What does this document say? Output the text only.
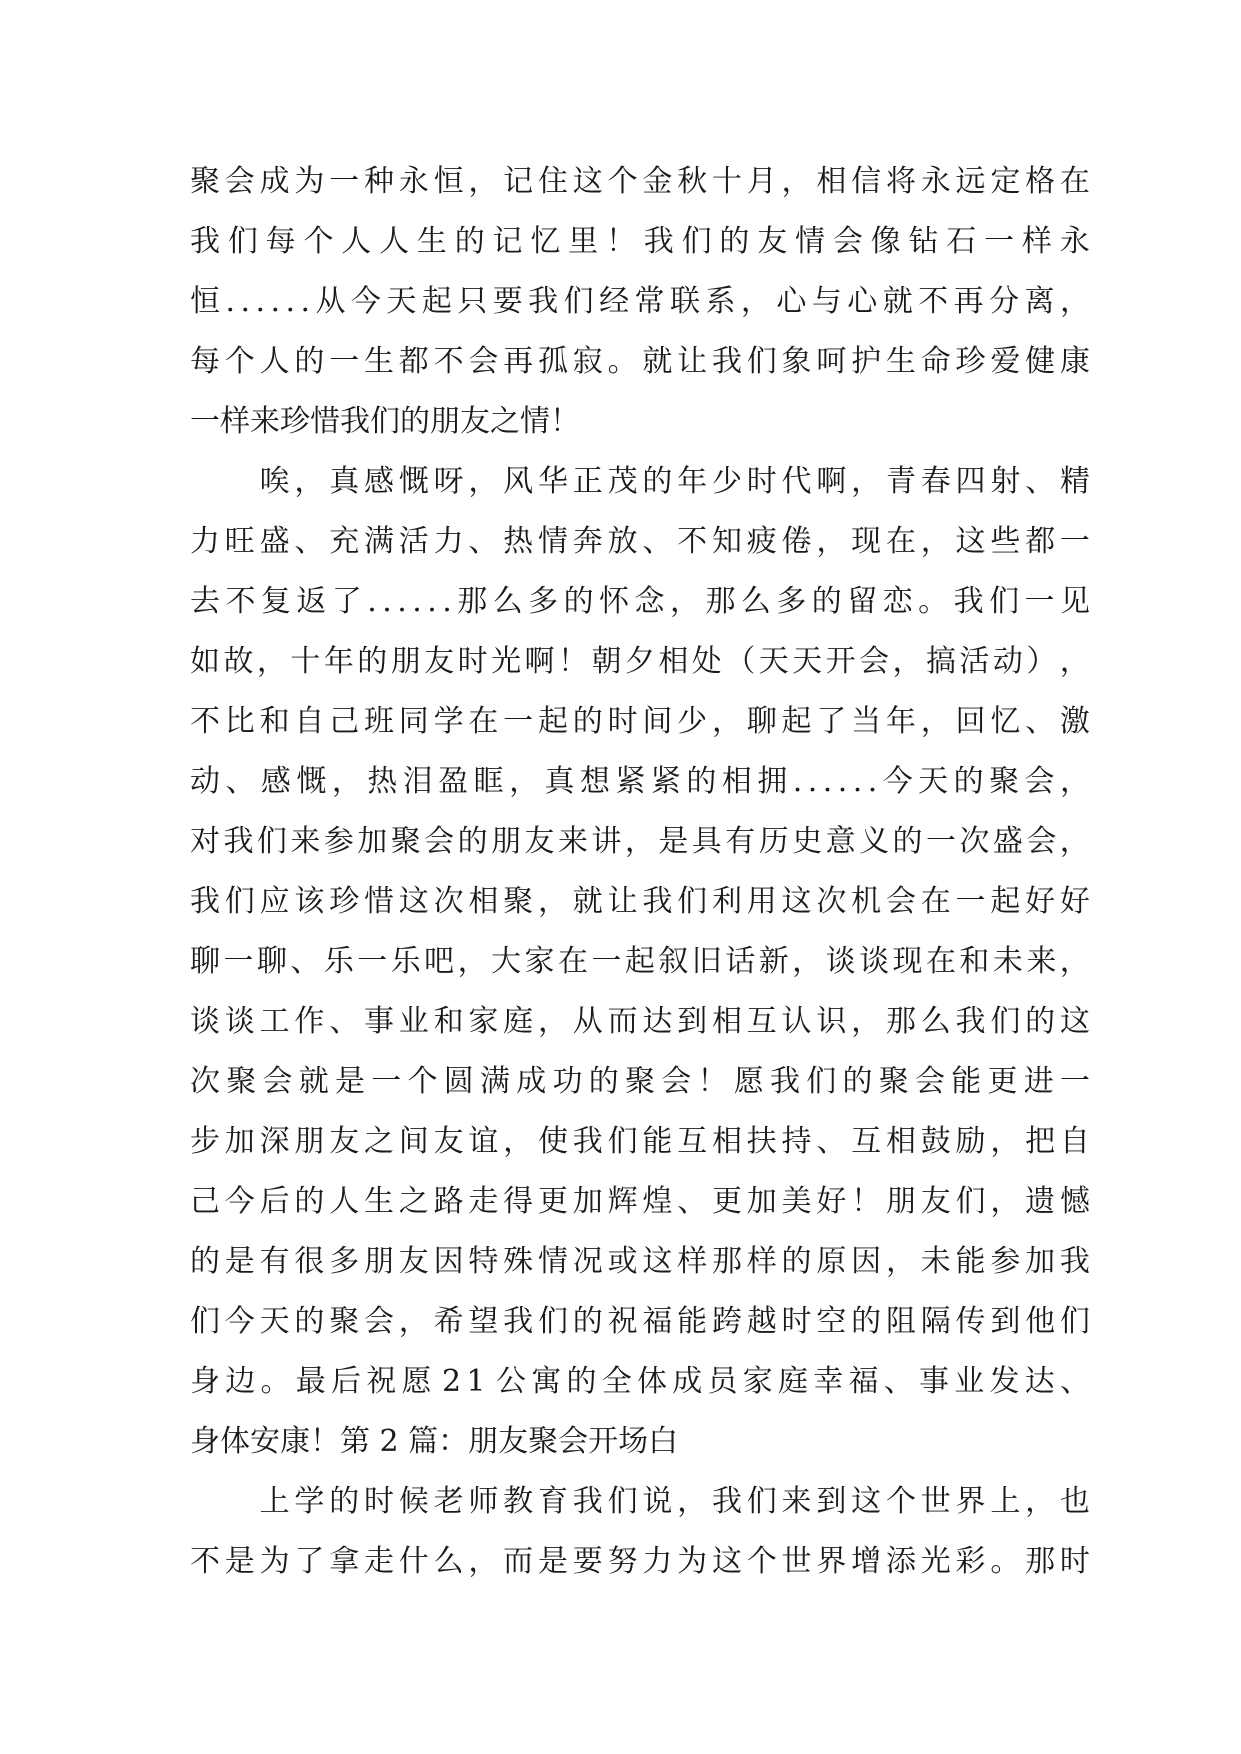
聚 会 成 为 一 种 永 恒 ， 记 住 这 个 金 秋 十 月 ， 相 信 将 永 远 定 格 在
我 们 每 个 人 人 生 的 记 忆 里 ！ 我 们 的 友 情 会 像 钻 石 一 样 永
恒 . . . . . . 从 今 天 起 只 要 我 们 经 常 联 系 ， 心 与 心 就 不 再 分 离 ，
每 个 人 的 一 生 都 不 会 再 孤 寂 。 就 让 我 们 象 呵 护 生 命 珍 爱 健 康
一样来珍惜我们的朋友之情！

唉 ， 真 感 慨 呀 ， 风 华 正 茂 的 年 少 时 代 啊 ， 青 春 四 射 、 精
力 旺 盛 、 充 满 活 力 、 热 情 奔 放 、 不 知 疲 倦 ， 现 在 ， 这 些 都 一
去 不 复 返 了 . . . . . . 那 么 多 的 怀 念 ， 那 么 多 的 留 恋 。 我 们 一 见
如 故 ， 十 年 的 朋 友 时 光 啊 ！ 朝 夕 相 处 （ 天 天 开 会 ， 搞 活 动 ） ，
不 比 和 自 己 班 同 学 在 一 起 的 时 间 少 ， 聊 起 了 当 年 ， 回 忆 、 激
动 、 感 慨 ， 热 泪 盈 眶 ， 真 想 紧 紧 的 相 拥 . . . . . . 今 天 的 聚 会 ，
对 我 们 来 参 加 聚 会 的 朋 友 来 讲 ， 是 具 有 历 史 意 义 的 一 次 盛 会 ，
我 们 应 该 珍 惜 这 次 相 聚 ， 就 让 我 们 利 用 这 次 机 会 在 一 起 好 好
聊 一 聊 、 乐 一 乐 吧 ， 大 家 在 一 起 叙 旧 话 新 ， 谈 谈 现 在 和 未 来 ，
谈 谈 工 作 、 事 业 和 家 庭 ， 从 而 达 到 相 互 认 识 ， 那 么 我 们 的 这
次 聚 会 就 是 一 个 圆 满 成 功 的 聚 会 ！ 愿 我 们 的 聚 会 能 更 进 一
步 加 深 朋 友 之 间 友 谊 ， 使 我 们 能 互 相 扶 持 、 互 相 鼓 励 ， 把 自
己 今 后 的 人 生 之 路 走 得 更 加 辉 煌 、 更 加 美 好 ！ 朋 友 们 ， 遗 憾
的 是 有 很 多 朋 友 因 特 殊 情 况 或 这 样 那 样 的 原 因 ， 未 能 参 加 我
们 今 天 的 聚 会 ， 希 望 我 们 的 祝 福 能 跨 越 时 空 的 阻 隔 传 到 他 们
身 边 。 最 后 祝 愿 2 1 公 寓 的 全 体 成 员 家 庭 幸 福 、 事 业 发 达 、
身体安康！第 2 篇：朋友聚会开场白

上 学 的 时 候 老 师 教 育 我 们 说 ， 我 们 来 到 这 个 世 界 上 ， 也
不 是 为 了 拿 走 什 么 ， 而 是 要 努 力 为 这 个 世 界 增 添 光 彩 。 那 时
